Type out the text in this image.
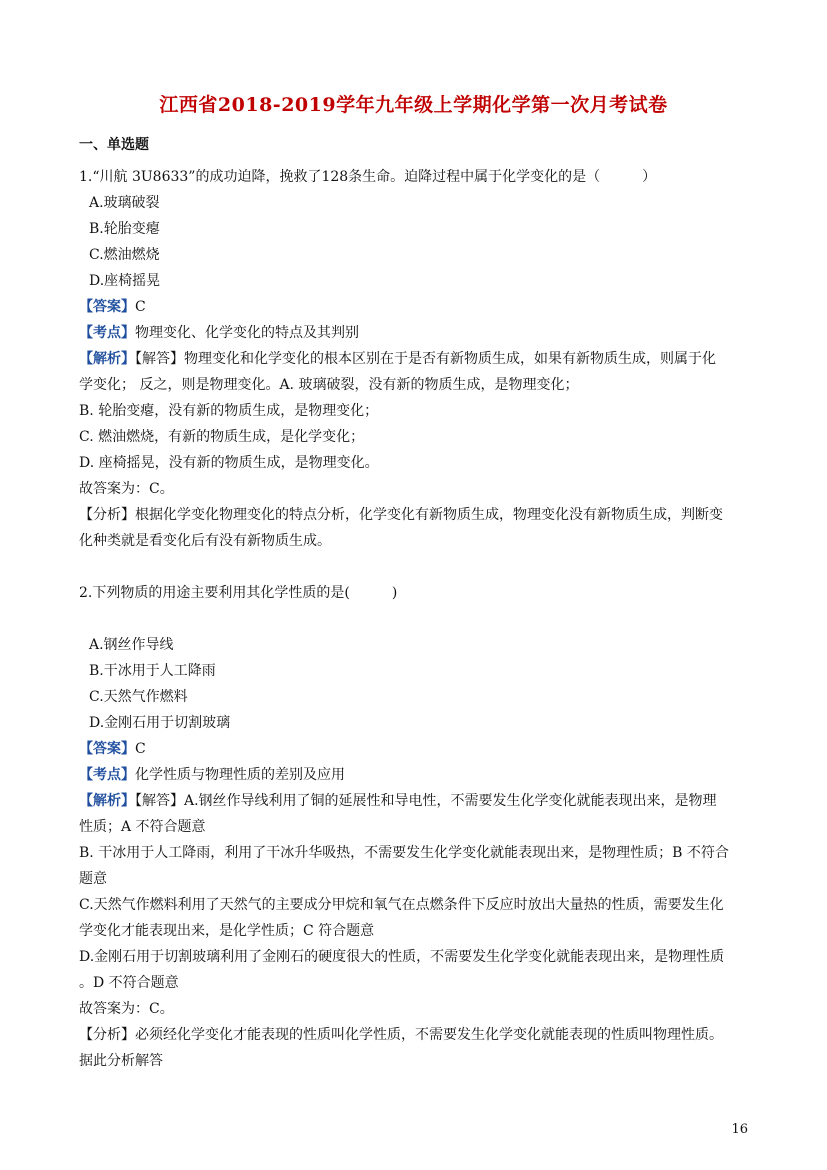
江西省2018-2019学年九年级上学期化学第一次月考试卷
一、单选题

1.“川航 3U8633”的成功迫降，挽救了128条生命。迫降过程中属于化学变化的是（　　　）

A.玻璃破裂

B.轮胎变瘪

C.燃油燃烧

D.座椅摇晃

【答案】C

【考点】物理变化、化学变化的特点及其判别

【解析】【解答】物理变化和化学变化的根本区别在于是否有新物质生成，如果有新物质生成，则属于化

学变化； 反之，则是物理变化。A. 玻璃破裂，没有新的物质生成，是物理变化；

B. 轮胎变瘪，没有新的物质生成，是物理变化；

C. 燃油燃烧，有新的物质生成，是化学变化；

D. 座椅摇晃，没有新的物质生成，是物理变化。

故答案为：C。

【分析】根据化学变化物理变化的特点分析，化学变化有新物质生成，物理变化没有新物质生成，判断变

化种类就是看变化后有没有新物质生成。

2.下列物质的用途主要利用其化学性质的是(　　　)

A.钢丝作导线

B.干冰用于人工降雨

C.天然气作燃料

D.金刚石用于切割玻璃

【答案】C

【考点】化学性质与物理性质的差别及应用

【解析】【解答】A.钢丝作导线利用了铜的延展性和导电性，不需要发生化学变化就能表现出来，是物理

性质；A 不符合题意

B. 干冰用于人工降雨，利用了干冰升华吸热，不需要发生化学变化就能表现出来，是物理性质；B 不符合

题意

C.天然气作燃料利用了天然气的主要成分甲烷和氧气在点燃条件下反应时放出大量热的性质，需要发生化

学变化才能表现出来，是化学性质；C 符合题意

D.金刚石用于切割玻璃利用了金刚石的硬度很大的性质，不需要发生化学变化就能表现出来，是物理性质

。D 不符合题意

故答案为：C。

【分析】必须经化学变化才能表现的性质叫化学性质，不需要发生化学变化就能表现的性质叫物理性质。

据此分析解答

16
